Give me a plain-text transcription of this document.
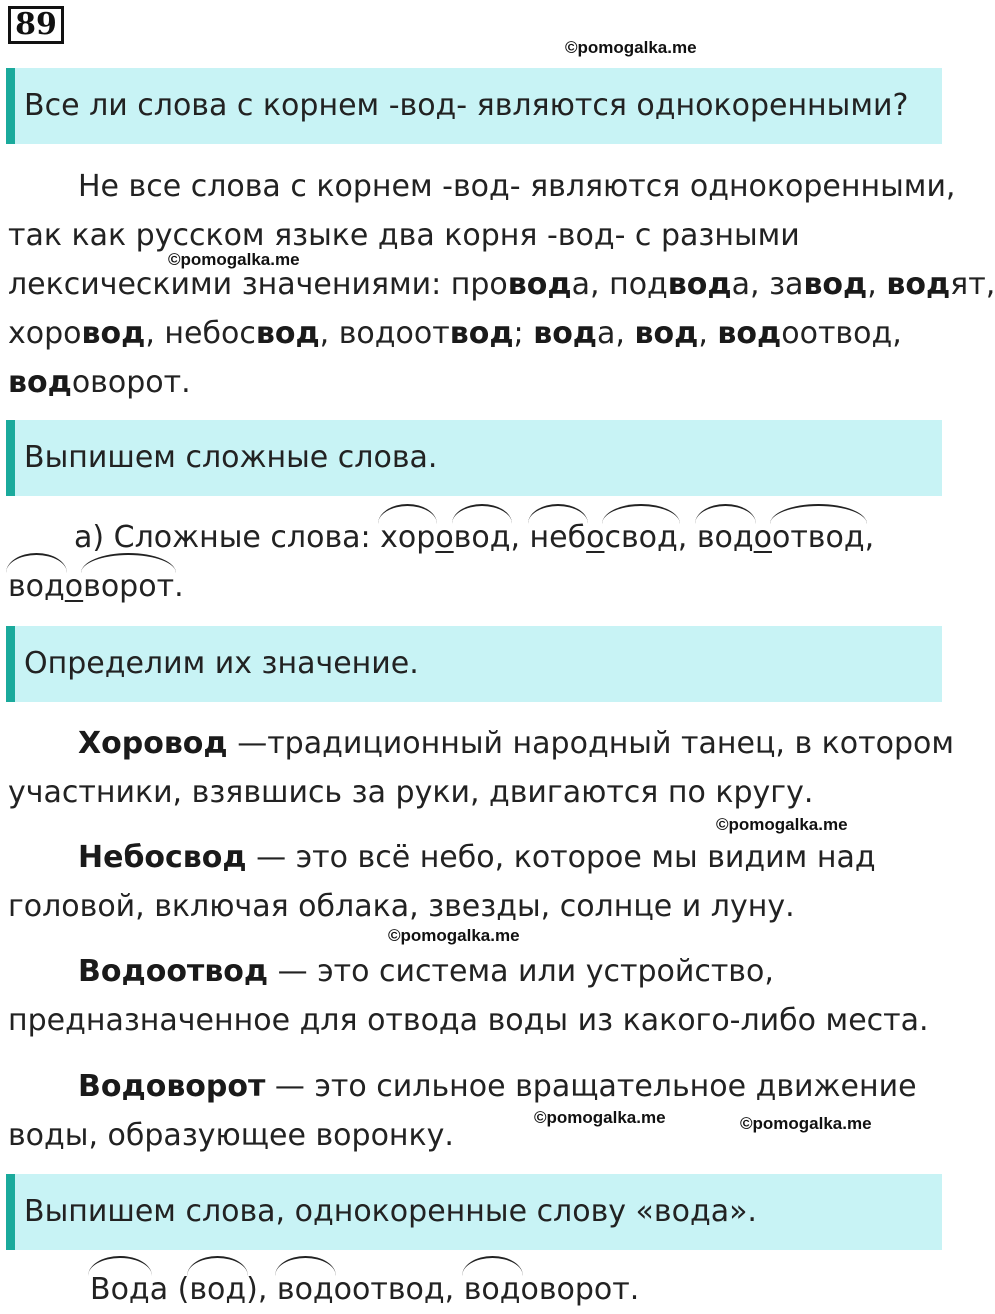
89
©pomogalka.me
Все ли слова с корнем -вод- являются однокоренными?
Не все слова с корнем -вод- являются однокоренными,
так как русском языке два корня -вод- с разными
©pomogalka.me
лексическими значениями: провода, подвода, завод, водят,
хоровод, небосвод, водоотвод; вода, вод, водоотвод,
водоворот.
Выпишем сложные слова.
а) Сложные слова: хоровод, небосвод, водоотвод,
водоворот.
Определим их значение.
Хоровод —традиционный народный танец, в котором
участники, взявшись за руки, двигаются по кругу.
©pomogalka.me
Небосвод — это всё небо, которое мы видим над
головой, включая облака, звезды, солнце и луну.
©pomogalka.me
Водоотвод — это система или устройство,
предназначенное для отвода воды из какого-либо места.
Водоворот — это сильное вращательное движение
©pomogalka.me	©pomogalka.me
воды, образующее воронку.
Выпишем слова, однокоренные слову «вода».
Вода (вод), водоотвод, водоворот.
